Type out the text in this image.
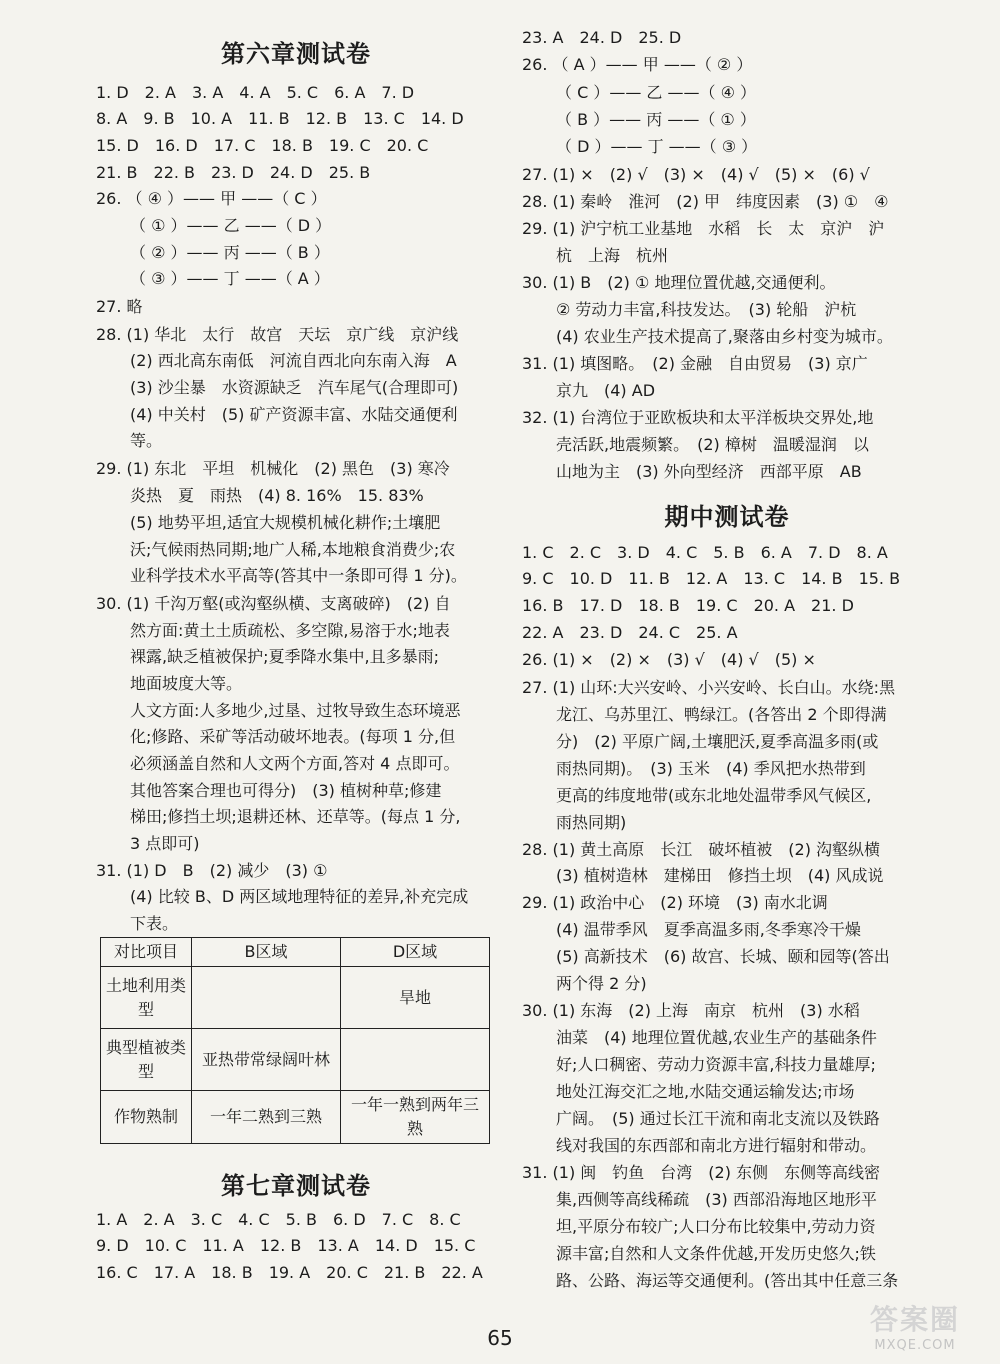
第六章测试卷
1. D　2. A　3. A　4. A　5. C　6. A　7. D
8. A　9. B　10. A　11. B　12. B　13. C　14. D
15. D　16. D　17. C　18. B　19. C　20. C
21. B　22. B　23. D　24. D　25. B
26. （ ④ ）—— 甲 ——（ C ）
（ ① ）—— 乙 ——（ D ）
（ ② ）—— 丙 ——（ B ）
（ ③ ）—— 丁 ——（ A ）
27. 略
28. (1) 华北　太行　故宫　天坛　京广线　京沪线
(2) 西北高东南低　河流自西北向东南入海　A
(3) 沙尘暴　水资源缺乏　汽车尾气(合理即可)
(4) 中关村　(5) 矿产资源丰富、水陆交通便利
等。
29. (1) 东北　平坦　机械化　(2) 黑色　(3) 寒冷
炎热　夏　雨热　(4) 8. 16%　15. 83%
(5) 地势平坦,适宜大规模机械化耕作;土壤肥
沃;气候雨热同期;地广人稀,本地粮食消费少;农
业科学技术水平高等(答其中一条即可得 1 分)。
30. (1) 千沟万壑(或沟壑纵横、支离破碎)　(2) 自
然方面:黄土土质疏松、多空隙,易溶于水;地表
裸露,缺乏植被保护;夏季降水集中,且多暴雨;
地面坡度大等。
人文方面:人多地少,过垦、过牧导致生态环境恶
化;修路、采矿等活动破坏地表。(每项 1 分,但
必须涵盖自然和人文两个方面,答对 4 点即可。
其他答案合理也可得分)　(3) 植树种草;修建
梯田;修挡土坝;退耕还林、还草等。(每点 1 分,
3 点即可)
31. (1) D　B　(2) 减少　(3) ①
(4) 比较 B、D 两区域地理特征的差异,补充完成
下表。
对比项目	B区域	D区域
土地利用类型		旱地
典型植被类型	亚热带常绿阔叶林	
作物熟制	一年二熟到三熟	一年一熟到两年三熟
第七章测试卷
1. A　2. A　3. C　4. C　5. B　6. D　7. C　8. C
9. D　10. C　11. A　12. B　13. A　14. D　15. C
16. C　17. A　18. B　19. A　20. C　21. B　22. A
23. A　24. D　25. D
26. （ A ）—— 甲 ——（ ② ）
（ C ）—— 乙 ——（ ④ ）
（ B ）—— 丙 ——（ ① ）
（ D ）—— 丁 ——（ ③ ）
27. (1) ×　(2) √　(3) ×　(4) √　(5) ×　(6) √
28. (1) 秦岭　淮河　(2) 甲　纬度因素　(3) ①　④
29. (1) 沪宁杭工业基地　水稻　长　太　京沪　沪
杭　上海　杭州
30. (1) B　(2) ① 地理位置优越,交通便利。
② 劳动力丰富,科技发达。　(3) 轮船　沪杭
(4) 农业生产技术提高了,聚落由乡村变为城市。
31. (1) 填图略。　(2) 金融　自由贸易　(3) 京广
京九　(4) AD
32. (1) 台湾位于亚欧板块和太平洋板块交界处,地
壳活跃,地震频繁。　(2) 樟树　温暖湿润　以
山地为主　(3) 外向型经济　西部平原　AB
期中测试卷
1. C　2. C　3. D　4. C　5. B　6. A　7. D　8. A
9. C　10. D　11. B　12. A　13. C　14. B　15. B
16. B　17. D　18. B　19. C　20. A　21. D
22. A　23. D　24. C　25. A
26. (1) ×　(2) ×　(3) √　(4) √　(5) ×
27. (1) 山环:大兴安岭、小兴安岭、长白山。水绕:黑
龙江、乌苏里江、鸭绿江。(各答出 2 个即得满
分)　(2) 平原广阔,土壤肥沃,夏季高温多雨(或
雨热同期)。　(3) 玉米　(4) 季风把水热带到
更高的纬度地带(或东北地处温带季风气候区,
雨热同期)
28. (1) 黄土高原　长江　破坏植被　(2) 沟壑纵横
(3) 植树造林　建梯田　修挡土坝　(4) 风成说
29. (1) 政治中心　(2) 环境　(3) 南水北调
(4) 温带季风　夏季高温多雨,冬季寒冷干燥
(5) 高新技术　(6) 故宫、长城、颐和园等(答出
两个得 2 分)
30. (1) 东海　(2) 上海　南京　杭州　(3) 水稻
油菜　(4) 地理位置优越,农业生产的基础条件
好;人口稠密、劳动力资源丰富,科技力量雄厚;
地处江海交汇之地,水陆交通运输发达;市场
广阔。　(5) 通过长江干流和南北支流以及铁路
线对我国的东西部和南北方进行辐射和带动。
31. (1) 闽　钓鱼　台湾　(2) 东侧　东侧等高线密
集,西侧等高线稀疏　(3) 西部沿海地区地形平
坦,平原分布较广;人口分布比较集中,劳动力资
源丰富;自然和人文条件优越,开发历史悠久;铁
路、公路、海运等交通便利。(答出其中任意三条
65
答案圈
MXQE.COM
